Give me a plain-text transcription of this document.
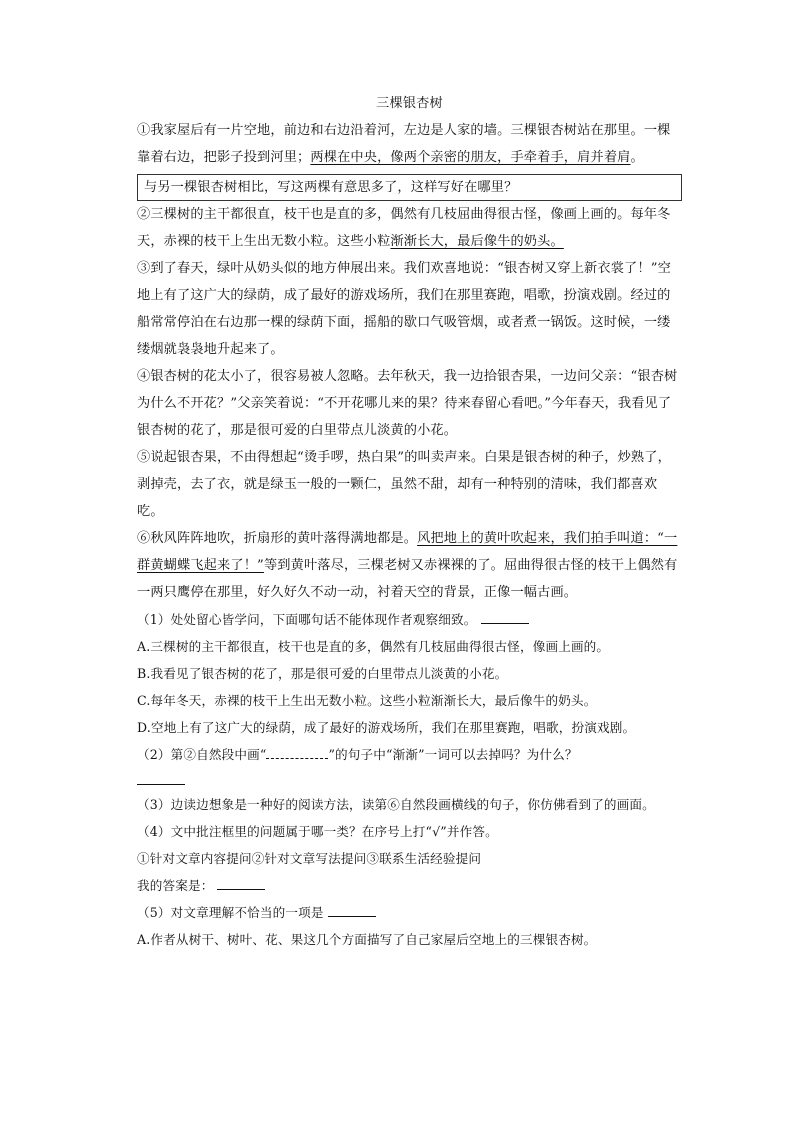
三棵银杏树

①我家屋后有一片空地，前边和右边沿着河，左边是人家的墙。三棵银杏树站在那里。一棵靠着右边，把影子投到河里；两棵在中央，像两个亲密的朋友，手牵着手，肩并着肩。

与另一棵银杏树相比，写这两棵有意思多了，这样写好在哪里？

②三棵树的主干都很直，枝干也是直的多，偶然有几枝屈曲得很古怪，像画上画的。每年冬天，赤裸的枝干上生出无数小粒。这些小粒渐渐长大，最后像牛的奶头。

③到了春天，绿叶从奶头似的地方伸展出来。我们欢喜地说：“银杏树又穿上新衣裳了！”空地上有了这广大的绿荫，成了最好的游戏场所，我们在那里赛跑，唱歌，扮演戏剧。经过的船常常停泊在右边那一棵的绿荫下面，摇船的歇口气吸管烟，或者煮一锅饭。这时候，一缕缕烟就袅袅地升起来了。

④银杏树的花太小了，很容易被人忽略。去年秋天，我一边拾银杏果，一边问父亲：“银杏树为什么不开花？”父亲笑着说：“不开花哪儿来的果？待来春留心看吧。”今年春天，我看见了银杏树的花了，那是很可爱的白里带点儿淡黄的小花。

⑤说起银杏果，不由得想起“烫手啰，热白果”的叫卖声来。白果是银杏树的种子，炒熟了，剥掉壳，去了衣，就是绿玉一般的一颗仁，虽然不甜，却有一种特别的清味，我们都喜欢吃。

⑥秋风阵阵地吹，折扇形的黄叶落得满地都是。风把地上的黄叶吹起来，我们拍手叫道：“一群黄蝴蝶飞起来了！”等到黄叶落尽，三棵老树又赤裸裸的了。屈曲得很古怪的枝干上偶然有一两只鹰停在那里，好久好久不动一动，衬着天空的背景，正像一幅古画。

（1）处处留心皆学问，下面哪句话不能体现作者观察细致。

A.三棵树的主干都很直，枝干也是直的多，偶然有几枝屈曲得很古怪，像画上画的。

B.我看见了银杏树的花了，那是很可爱的白里带点儿淡黄的小花。

C.每年冬天，赤裸的枝干上生出无数小粒。这些小粒渐渐长大，最后像牛的奶头。

D.空地上有了这广大的绿荫，成了最好的游戏场所，我们在那里赛跑，唱歌，扮演戏剧。

（2）第②自然段中画“	”的句子中“渐渐”一词可以去掉吗？为什么？

（3）边读边想象是一种好的阅读方法，读第⑥自然段画横线的句子，你仿佛看到了的画面。

（4）文中批注框里的问题属于哪一类？在序号上打“√”并作答。

①针对文章内容提问②针对文章写法提问③联系生活经验提问

我的答案是：

（5）对文章理解不恰当的一项是

A.作者从树干、树叶、花、果这几个方面描写了自己家屋后空地上的三棵银杏树。
